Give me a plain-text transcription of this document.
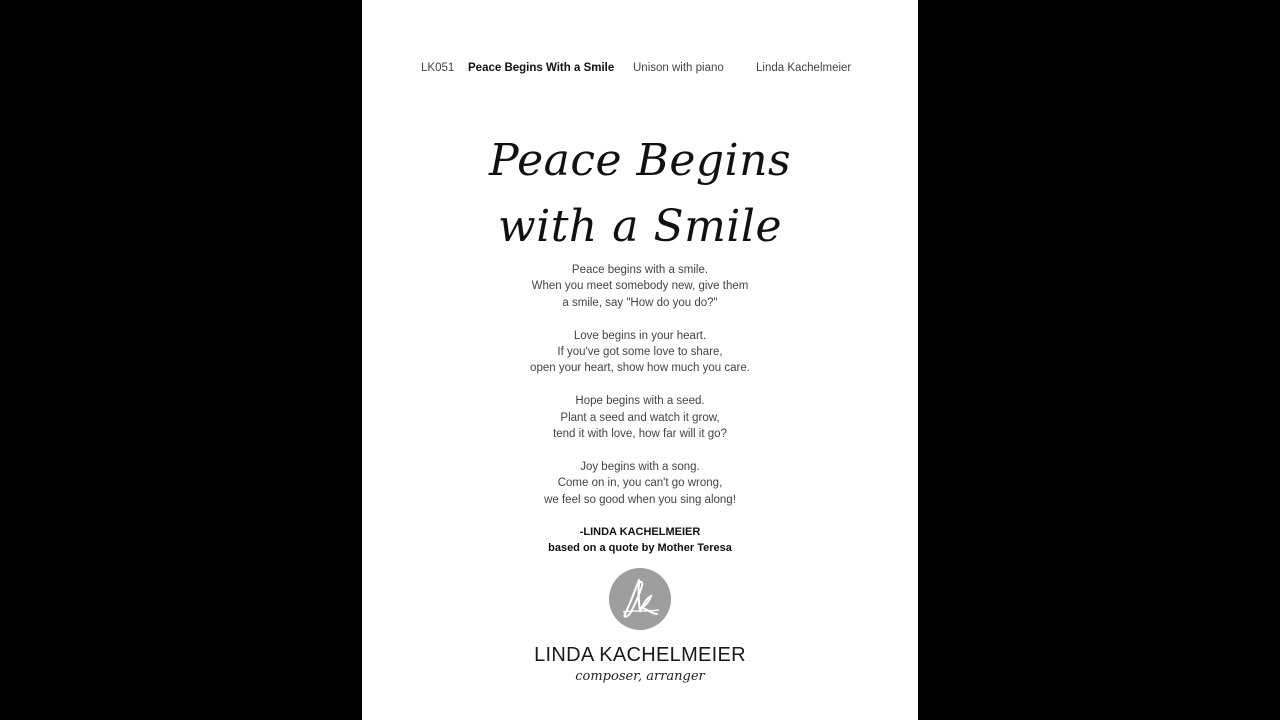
LK051 Peace Begins With a Smile Unison with piano	Linda Kachelmeier
Peace Begins
with a Smile
Peace begins with a smile.
When you meet somebody new, give them
a smile, say "How do you do?"
Love begins in your heart.
If you've got some love to share,
open your heart, show how much you care.
Hope begins with a seed.
Plant a seed and watch it grow,
tend it with love, how far will it go?
Joy begins with a song.
Come on in, you can't go wrong,
we feel so good when you sing along!
-LINDA KACHELMEIER
based on a quote by Mother Teresa
LINDA KACHELMEIER
composer, arranger
